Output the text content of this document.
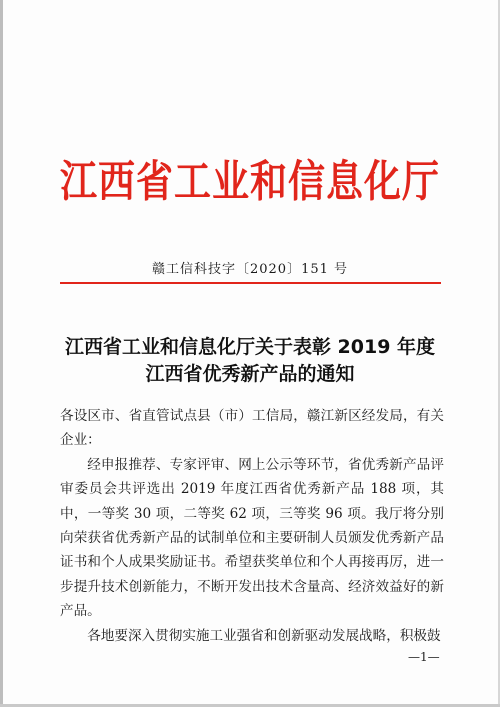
江西省工业和信息化厅
赣工信科技字〔2020〕151 号
江西省工业和信息化厅关于表彰 2019 年度
江西省优秀新产品的通知

各设区市、省直管试点县（市）工信局，赣江新区经发局，有关企业：

经申报推荐、专家评审、网上公示等环节，省优秀新产品评审委员会共评选出 2019 年度江西省优秀新产品 188 项，其中，一等奖 30 项，二等奖 62 项，三等奖 96 项。我厅将分别向荣获省优秀新产品的试制单位和主要研制人员颁发优秀新产品证书和个人成果奖励证书。希望获奖单位和个人再接再厉，进一步提升技术创新能力，不断开发出技术含量高、经济效益好的新产品。

各地要深入贯彻实施工业强省和创新驱动发展战略，积极鼓

—1—
